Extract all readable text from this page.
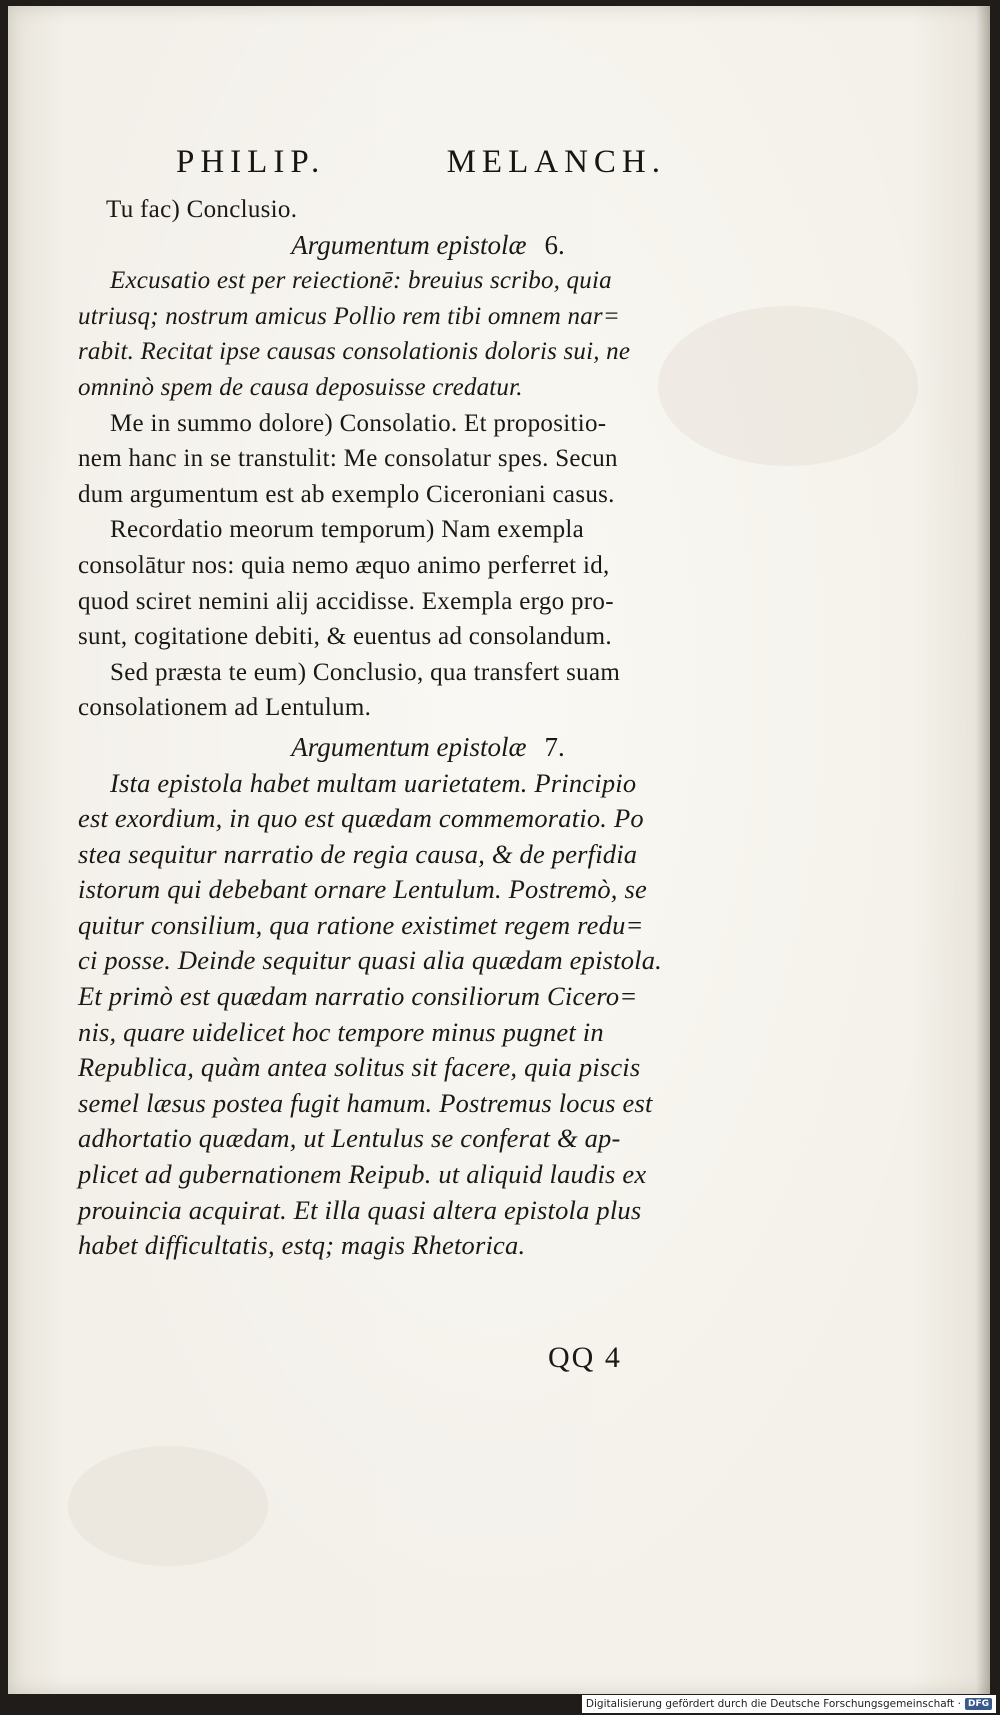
PHILIP.	MELANCH.
Tu fac) Conclusio.
Argumentum epistolæ 6.
Excusatio est per reiectionē: breuius scribo, quia
utriusq; nostrum amicus Pollio rem tibi omnem nar=
rabit. Recitat ipse causas consolationis doloris sui, ne
omninò spem de causa deposuisse credatur.
Me in summo dolore) Consolatio. Et propositio-
nem hanc in se transtulit: Me consolatur spes. Secun
dum argumentum est ab exemplo Ciceroniani casus.
Recordatio meorum temporum) Nam exempla
consolātur nos: quia nemo æquo animo perferret id,
quod sciret nemini alij accidisse. Exempla ergo pro-
sunt, cogitatione debiti, & euentus ad consolandum.
Sed præsta te eum) Conclusio, qua transfert suam
consolationem ad Lentulum.
Argumentum epistolæ 7.
Ista epistola habet multam uarietatem. Principio
est exordium, in quo est quædam commemoratio. Po
stea sequitur narratio de regia causa, & de perfidia
istorum qui debebant ornare Lentulum. Postremò, se
quitur consilium, qua ratione existimet regem redu=
ci posse. Deinde sequitur quasi alia quædam epistola.
Et primò est quædam narratio consiliorum Cicero=
nis, quare uidelicet hoc tempore minus pugnet in
Republica, quàm antea solitus sit facere, quia piscis
semel læsus postea fugit hamum. Postremus locus est
adhortatio quædam, ut Lentulus se conferat & ap-
plicet ad gubernationem Reipub. ut aliquid laudis ex
prouincia acquirat. Et illa quasi altera epistola plus
habet difficultatis, estq; magis Rhetorica.
QQ 4
Digitalisierung gefördert durch die Deutsche Forschungsgemeinschaft · DFG
